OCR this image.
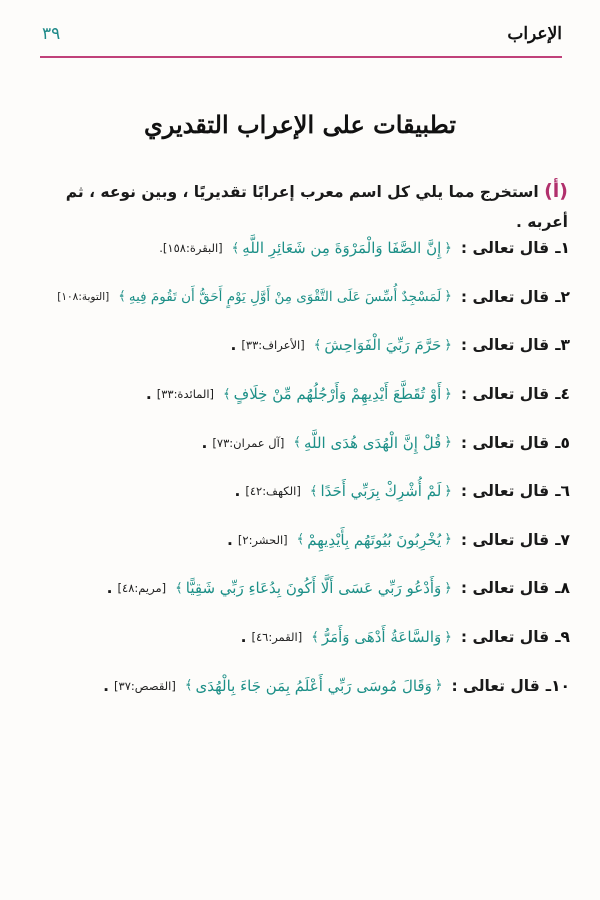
الإعراب
٣٩
تطبيقات على الإعراب التقديري
(أ) استخرج مما يلي كل اسم معرب إعرابًا تقديريًا ، وبين نوعه ، ثم أعربه .
١ـ
قال تعالى :
﴿
إِنَّ الصَّفَا وَالْمَرْوَةَ مِن شَعَائِرِ اللَّهِ
﴾
[البقرة:١٥٨].
٢ـ
قال تعالى :
﴿
لَمَسْجِدٌ أُسِّسَ عَلَى التَّقْوَى مِنْ أَوَّلِ يَوْمٍ أَحَقُّ أَن تَقُومَ فِيهِ
﴾
[التوبة:١٠٨]
٣ـ
قال تعالى :
﴿
حَرَّمَ رَبِّيَ الْفَوَاحِشَ
﴾
[الأعراف:٣٣]
.
٤ـ
قال تعالى :
﴿
أَوْ تُقَطَّعَ أَيْدِيهِمْ وَأَرْجُلُهُم مِّنْ خِلَافٍ
﴾
[المائدة:٣٣]
.
٥ـ
قال تعالى :
﴿
قُلْ إِنَّ الْهُدَى هُدَى اللَّهِ
﴾
[آل عمران:٧٣]
.
٦ـ
قال تعالى :
﴿
لَمْ أُشْرِكْ بِرَبِّي أَحَدًا
﴾
[الكهف:٤٢]
.
٧ـ
قال تعالى :
﴿
يُخْرِبُونَ بُيُوتَهُم بِأَيْدِيهِمْ
﴾
[الحشر:٢]
.
٨ـ
قال تعالى :
﴿
وَأَدْعُو رَبِّي عَسَى أَلَّا أَكُونَ بِدُعَاءِ رَبِّي شَقِيًّا
﴾
[مريم:٤٨]
.
٩ـ
قال تعالى :
﴿
وَالسَّاعَةُ أَدْهَى وَأَمَرُّ
﴾
[القمر:٤٦]
.
١٠ـ
قال تعالى :
﴿
وَقَالَ مُوسَى رَبِّي أَعْلَمُ بِمَن جَاءَ بِالْهُدَى
﴾
[القصص:٣٧]
.
